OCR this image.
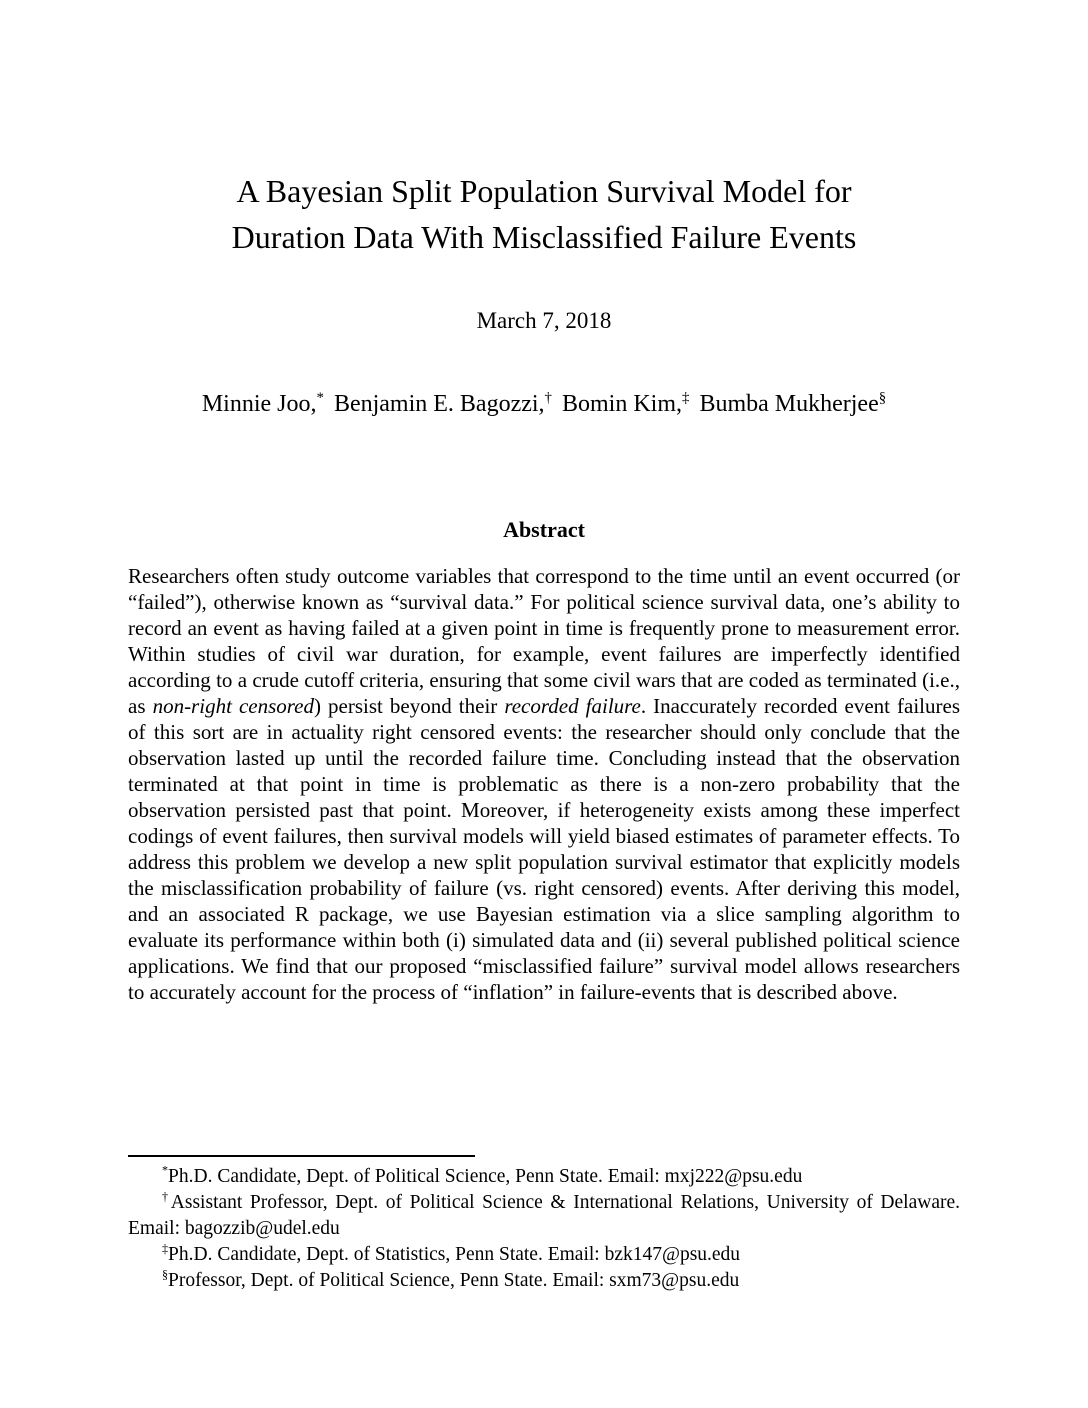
A Bayesian Split Population Survival Model for
Duration Data With Misclassified Failure Events
March 7, 2018
Minnie Joo,* Benjamin E. Bagozzi,† Bomin Kim,‡ Bumba Mukherjee§
Abstract

Researchers often study outcome variables that correspond to the time until an event occurred (or “failed”), otherwise known as “survival data.” For political science survival data, one’s ability to record an event as having failed at a given point in time is frequently prone to measurement error. Within studies of civil war duration, for example, event failures are imperfectly identified according to a crude cutoff criteria, ensuring that some civil wars that are coded as terminated (i.e., as non-right censored) persist beyond their recorded failure. Inaccurately recorded event failures of this sort are in actuality right censored events: the researcher should only conclude that the observation lasted up until the recorded failure time. Concluding instead that the observation terminated at that point in time is problematic as there is a non-zero probability that the observation persisted past that point. Moreover, if heterogeneity exists among these imperfect codings of event failures, then survival models will yield biased estimates of parameter effects. To address this problem we develop a new split population survival estimator that explicitly models the misclassification probability of failure (vs. right censored) events. After deriving this model, and an associated R package, we use Bayesian estimation via a slice sampling algorithm to evaluate its performance within both (i) simulated data and (ii) several published political science applications. We find that our proposed “misclassified failure” survival model allows researchers to accurately account for the process of “inflation” in failure-events that is described above.

*Ph.D. Candidate, Dept. of Political Science, Penn State. Email: mxj222@psu.edu

†Assistant Professor, Dept. of Political Science & International Relations, University of Delaware. Email: bagozzib@udel.edu

‡Ph.D. Candidate, Dept. of Statistics, Penn State. Email: bzk147@psu.edu

§Professor, Dept. of Political Science, Penn State. Email: sxm73@psu.edu
